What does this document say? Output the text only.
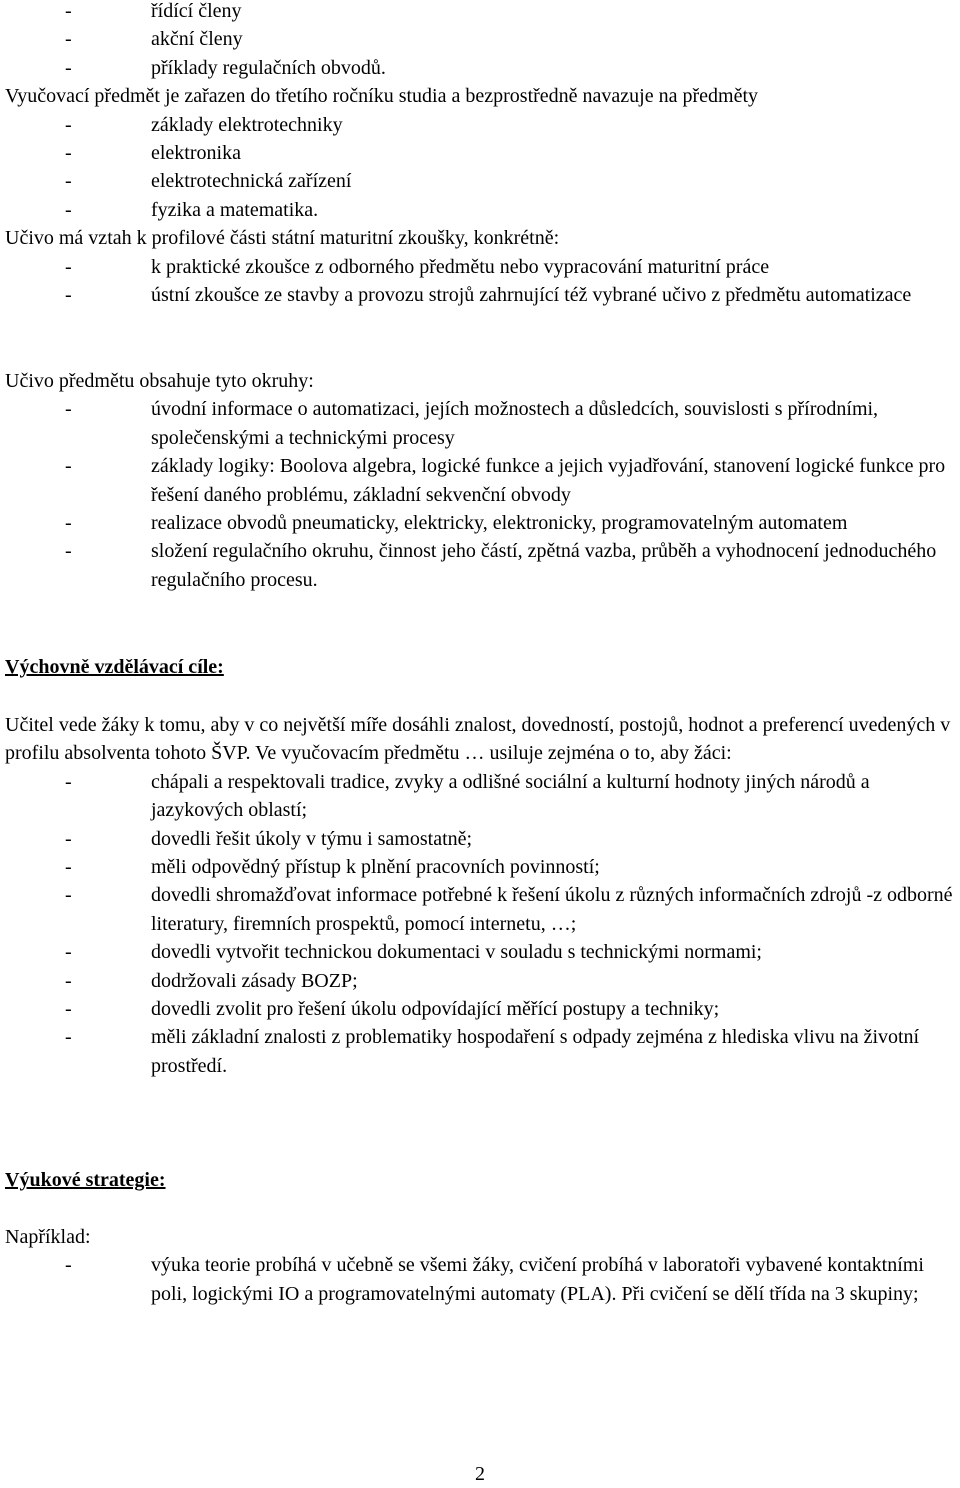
-	řídící členy
-	akční členy
-	příklady regulačních obvodů.

Vyučovací předmět je zařazen do třetího ročníku studia a bezprostředně navazuje na předměty

-	základy elektrotechniky
-	elektronika
-	elektrotechnická zařízení
-	fyzika a matematika.

Učivo má vztah k profilové části státní maturitní zkoušky, konkrétně:

-	k praktické zkoušce z odborného předmětu nebo vypracování maturitní práce
-	ústní zkoušce ze stavby a provozu strojů zahrnující též vybrané učivo z předmětu automatizace

Učivo předmětu obsahuje tyto okruhy:

-	úvodní informace o automatizaci, jejích možnostech a důsledcích, souvislosti s přírodními, společenskými a technickými procesy
-	základy logiky: Boolova algebra, logické funkce a jejich vyjadřování, stanovení logické funkce pro řešení daného problému, základní sekvenční obvody
-	realizace obvodů pneumaticky, elektricky, elektronicky, programovatelným automatem
-	složení regulačního okruhu, činnost jeho částí, zpětná vazba, průběh a vyhodnocení jednoduchého regulačního procesu.

Výchovně vzdělávací cíle:

Učitel vede žáky k tomu, aby v co největší míře dosáhli znalost, dovedností, postojů, hodnot a preferencí uvedených v profilu absolventa tohoto ŠVP. Ve vyučovacím předmětu … usiluje zejména o to, aby žáci:

-	chápali a respektovali tradice, zvyky a odlišné sociální a kulturní hodnoty jiných národů a jazykových oblastí;
-	dovedli řešit úkoly v týmu i samostatně;
-	měli odpovědný přístup k plnění pracovních povinností;
-	dovedli shromažďovat informace potřebné k řešení úkolu z různých informačních zdrojů -z odborné literatury, firemních prospektů, pomocí internetu, …;
-	dovedli vytvořit technickou dokumentaci v souladu s technickými normami;
-	dodržovali zásady BOZP;
-	dovedli zvolit pro řešení úkolu odpovídající měřící postupy a techniky;
-	měli základní znalosti z problematiky hospodaření s odpady zejména z hlediska vlivu na životní prostředí.

Výukové strategie:

Například:

-	výuka teorie probíhá v učebně se všemi žáky, cvičení probíhá v laboratoři vybavené kontaktními poli, logickými IO a programovatelnými automaty (PLA). Při cvičení se dělí třída na 3 skupiny;
2
